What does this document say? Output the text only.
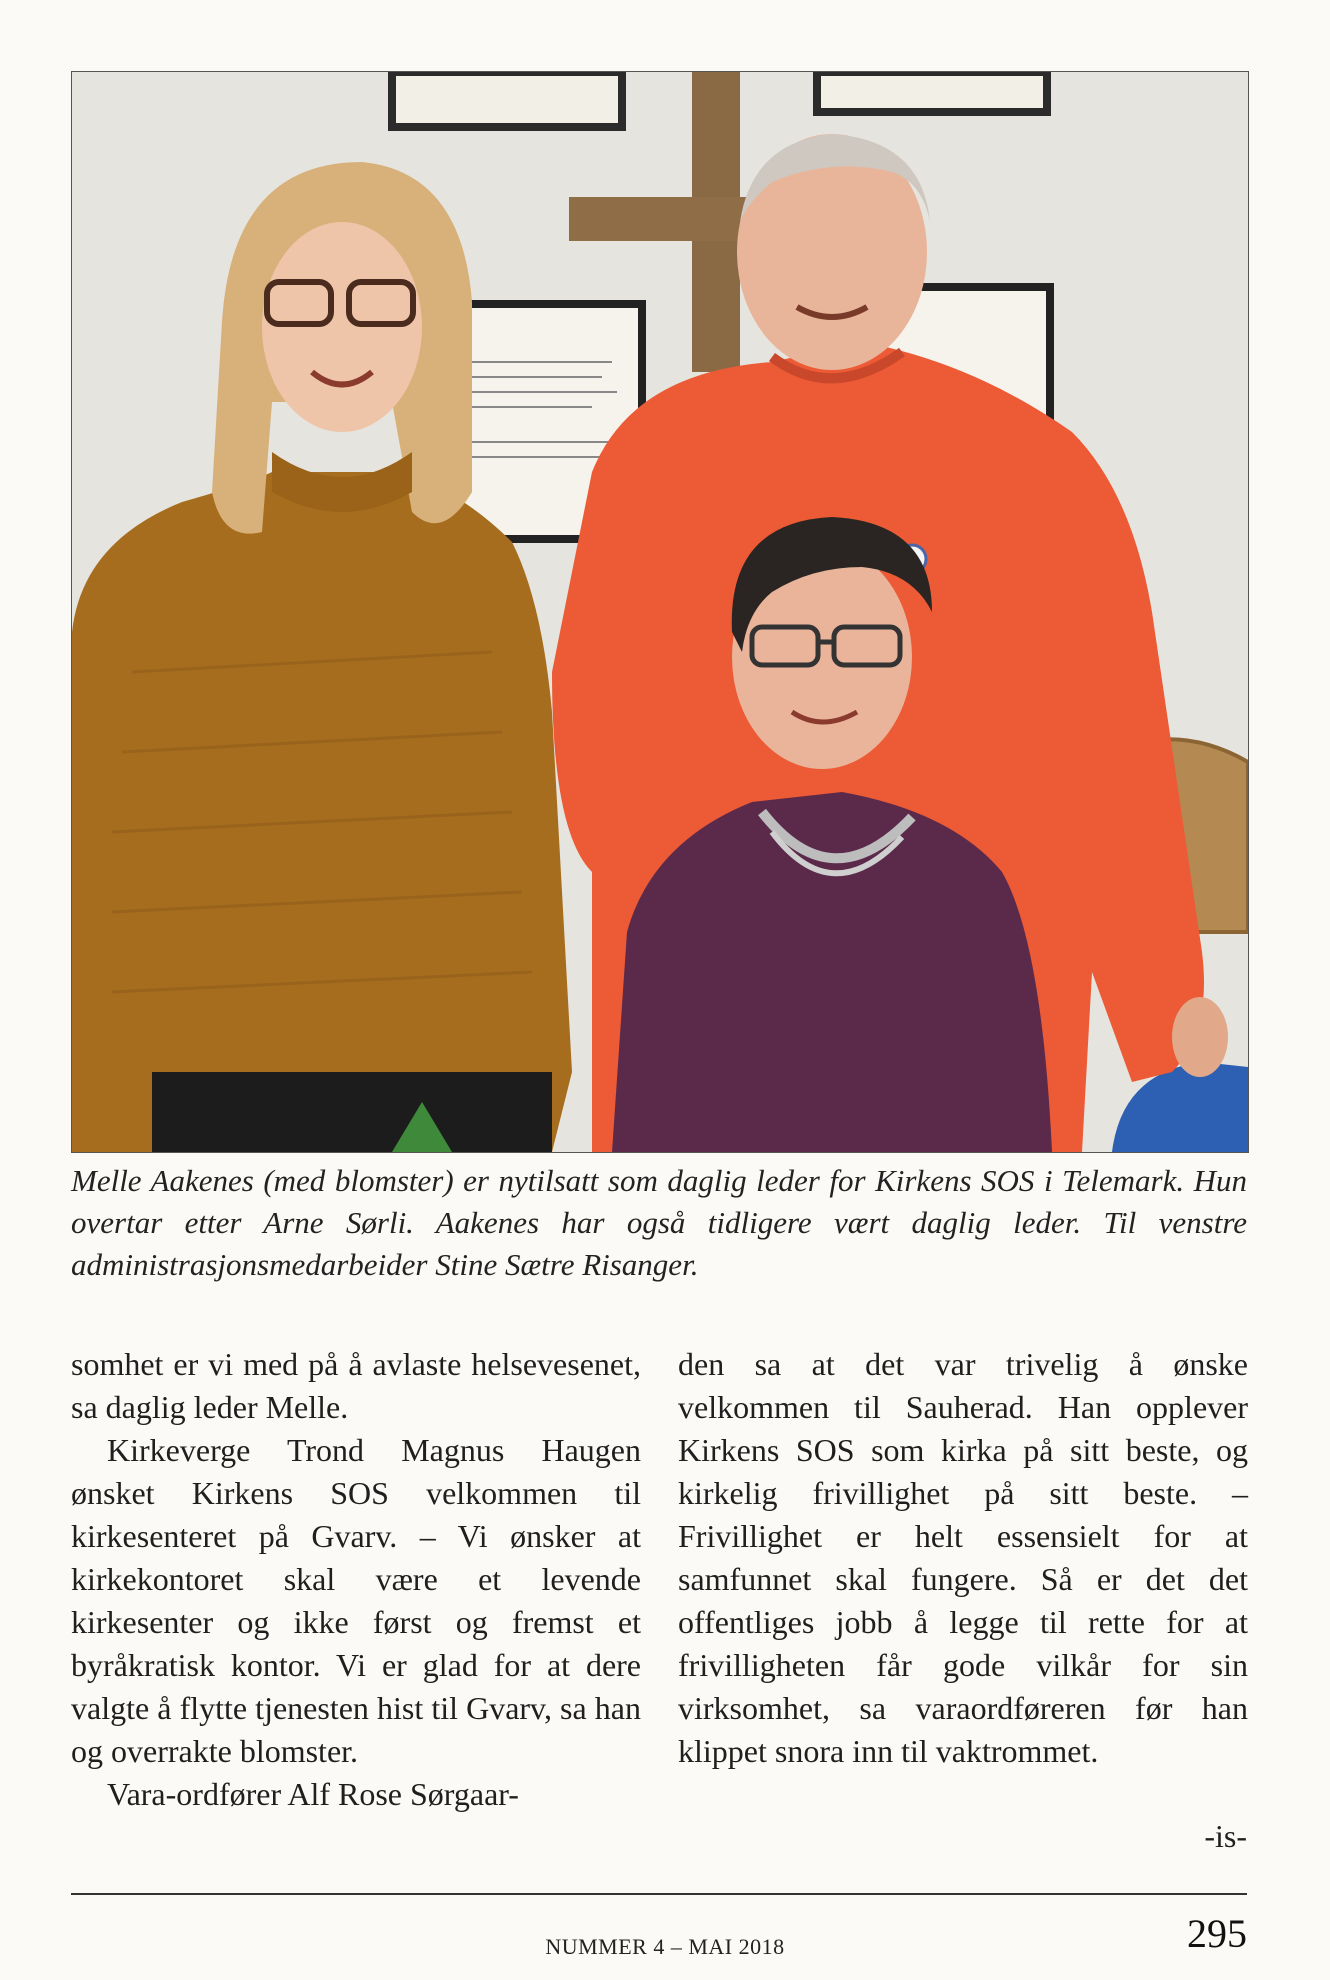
Melle Aakenes (med blomster) er nytilsatt som daglig leder for Kirkens SOS i Telemark. Hun overtar etter Arne Sørli. Aakenes har også tidligere vært daglig leder. Til venstre administrasjonsmedarbeider Stine Sætre Risanger.

somhet er vi med på å avlaste helsevesenet, sa daglig leder Melle.

Kirkeverge Trond Magnus Haugen ønsket Kirkens SOS velkommen til kirkesenteret på Gvarv. – Vi ønsker at kirkekontoret skal være et levende kirkesenter og ikke først og fremst et byråkratisk kontor. Vi er glad for at dere valgte å flytte tjenesten hist til Gvarv, sa han og overrakte blomster.

Vara-ordfører Alf Rose Sørgaar-

den sa at det var trivelig å ønske velkommen til Sauherad. Han opplever Kirkens SOS som kirka på sitt beste, og kirkelig frivillighet på sitt beste. – Frivillighet er helt essensielt for at samfunnet skal fungere. Så er det det offentliges jobb å legge til rette for at frivilligheten får gode vilkår for sin virksomhet, sa varaordføreren før han klippet snora inn til vaktrommet.

-is-
NUMMER 4 – MAI 2018	295
